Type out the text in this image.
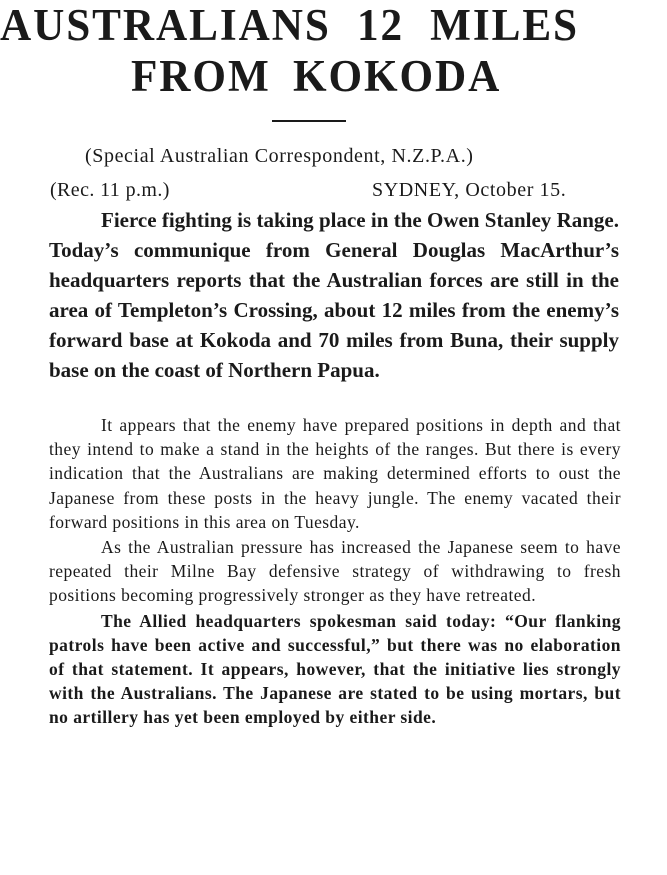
AUSTRALIANS 12 MILES
FROM KOKODA
(Special Australian Correspondent, N.Z.P.A.)
(Rec. 11 p.m.)	SYDNEY, October 15.

Fierce fighting is taking place in the Owen Stanley Range. Today’s communique from General Douglas MacArthur’s headquarters reports that the Australian forces are still in the area of Templeton’s Crossing, about 12 miles from the enemy’s forward base at Kokoda and 70 miles from Buna, their supply base on the coast of Northern Papua.

It appears that the enemy have prepared positions in depth and that they intend to make a stand in the heights of the ranges. But there is every indication that the Australians are making determined efforts to oust the Japanese from these posts in the heavy jungle. The enemy vacated their forward positions in this area on Tuesday.

As the Australian pressure has increased the Japanese seem to have repeated their Milne Bay defensive strategy of withdrawing to fresh positions becoming progressively stronger as they have retreated.

The Allied headquarters spokesman said today: “Our flanking patrols have been active and successful,” but there was no elaboration of that statement. It appears, however, that the initiative lies strongly with the Australians. The Japanese are stated to be using mortars, but no artillery has yet been employed by either side.
